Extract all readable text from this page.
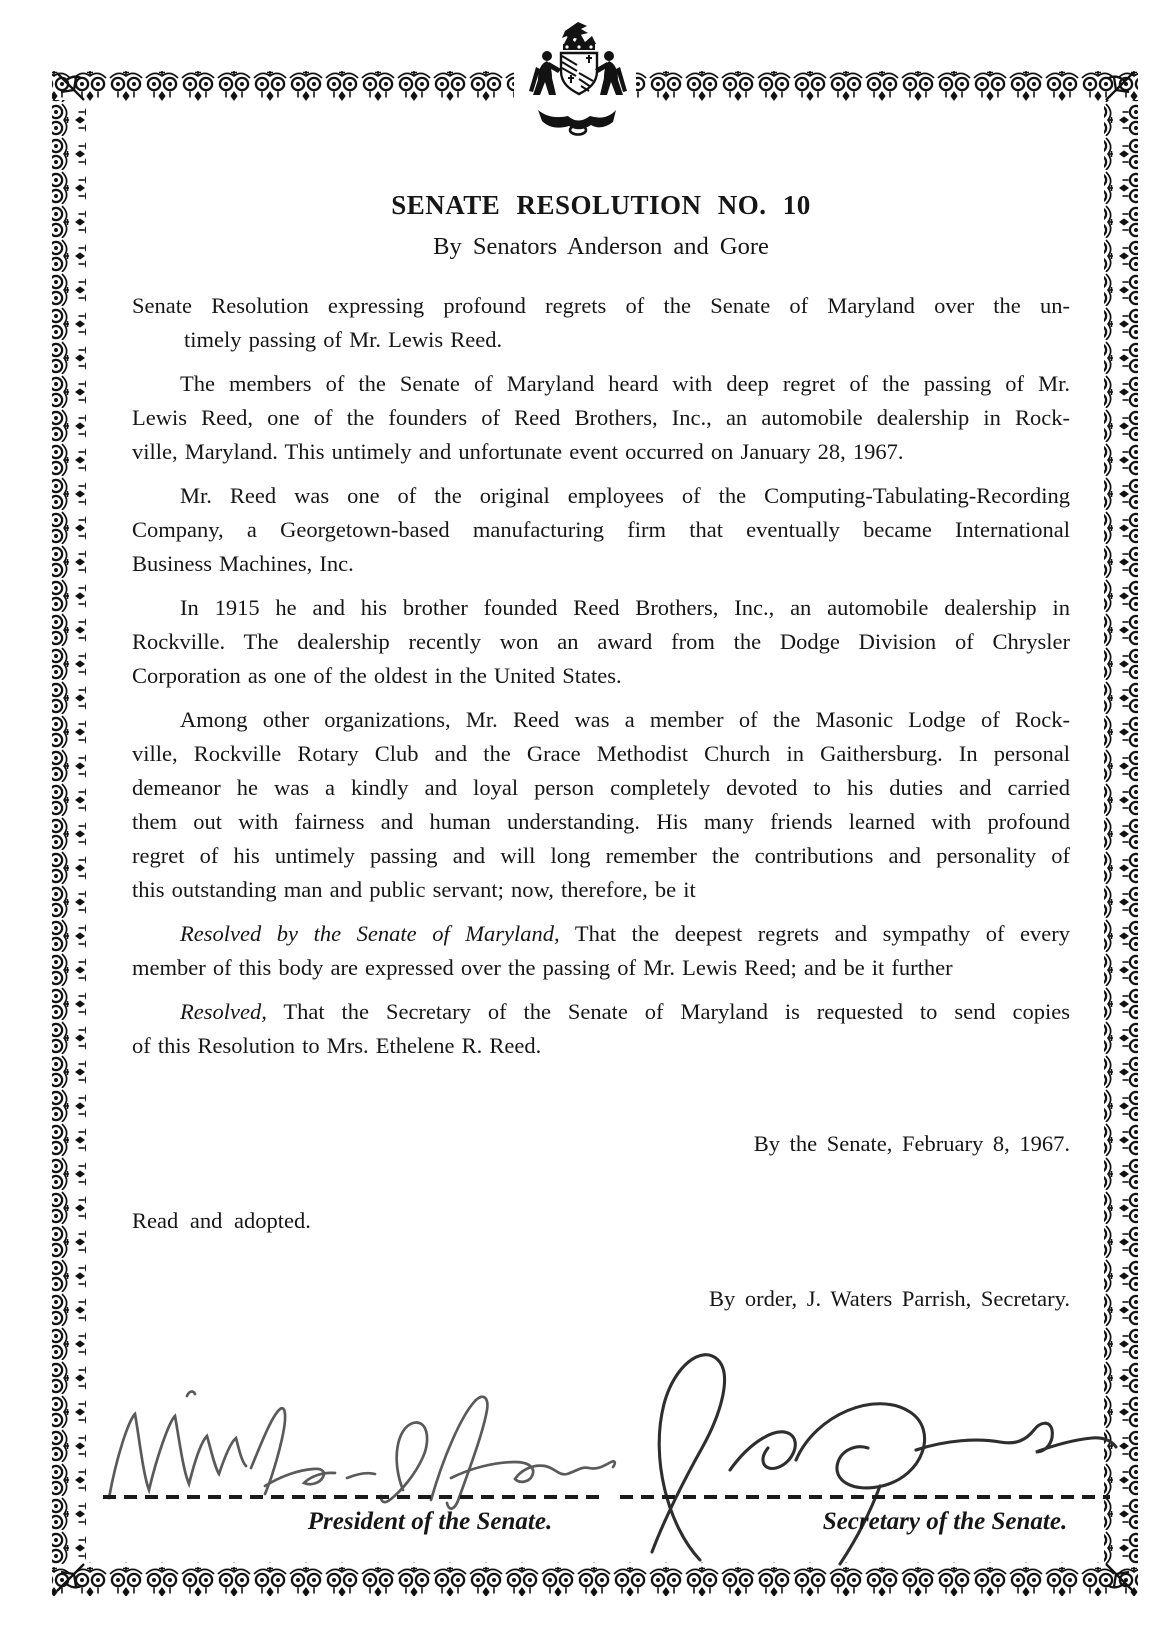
SENATE RESOLUTION NO. 10
By Senators Anderson and Gore
Senate Resolution expressing profound regrets of the Senate of Maryland over the un-
timely passing of Mr. Lewis Reed.
The members of the Senate of Maryland heard with deep regret of the passing of Mr.
Lewis Reed, one of the founders of Reed Brothers, Inc., an automobile dealership in Rock-
ville, Maryland. This untimely and unfortunate event occurred on January 28, 1967.
Mr. Reed was one of the original employees of the Computing-Tabulating-Recording
Company, a Georgetown-based manufacturing firm that eventually became International
Business Machines, Inc.
In 1915 he and his brother founded Reed Brothers, Inc., an automobile dealership in
Rockville. The dealership recently won an award from the Dodge Division of Chrysler
Corporation as one of the oldest in the United States.
Among other organizations, Mr. Reed was a member of the Masonic Lodge of Rock-
ville, Rockville Rotary Club and the Grace Methodist Church in Gaithersburg. In personal
demeanor he was a kindly and loyal person completely devoted to his duties and carried
them out with fairness and human understanding. His many friends learned with profound
regret of his untimely passing and will long remember the contributions and personality of
this outstanding man and public servant; now, therefore, be it
Resolved by the Senate of Maryland, That the deepest regrets and sympathy of every
member of this body are expressed over the passing of Mr. Lewis Reed; and be it further
Resolved, That the Secretary of the Senate of Maryland is requested to send copies
of this Resolution to Mrs. Ethelene R. Reed.
By the Senate, February 8, 1967.
Read and adopted.
By order, J. Waters Parrish, Secretary.
President of the Senate.	Secretary of the Senate.
